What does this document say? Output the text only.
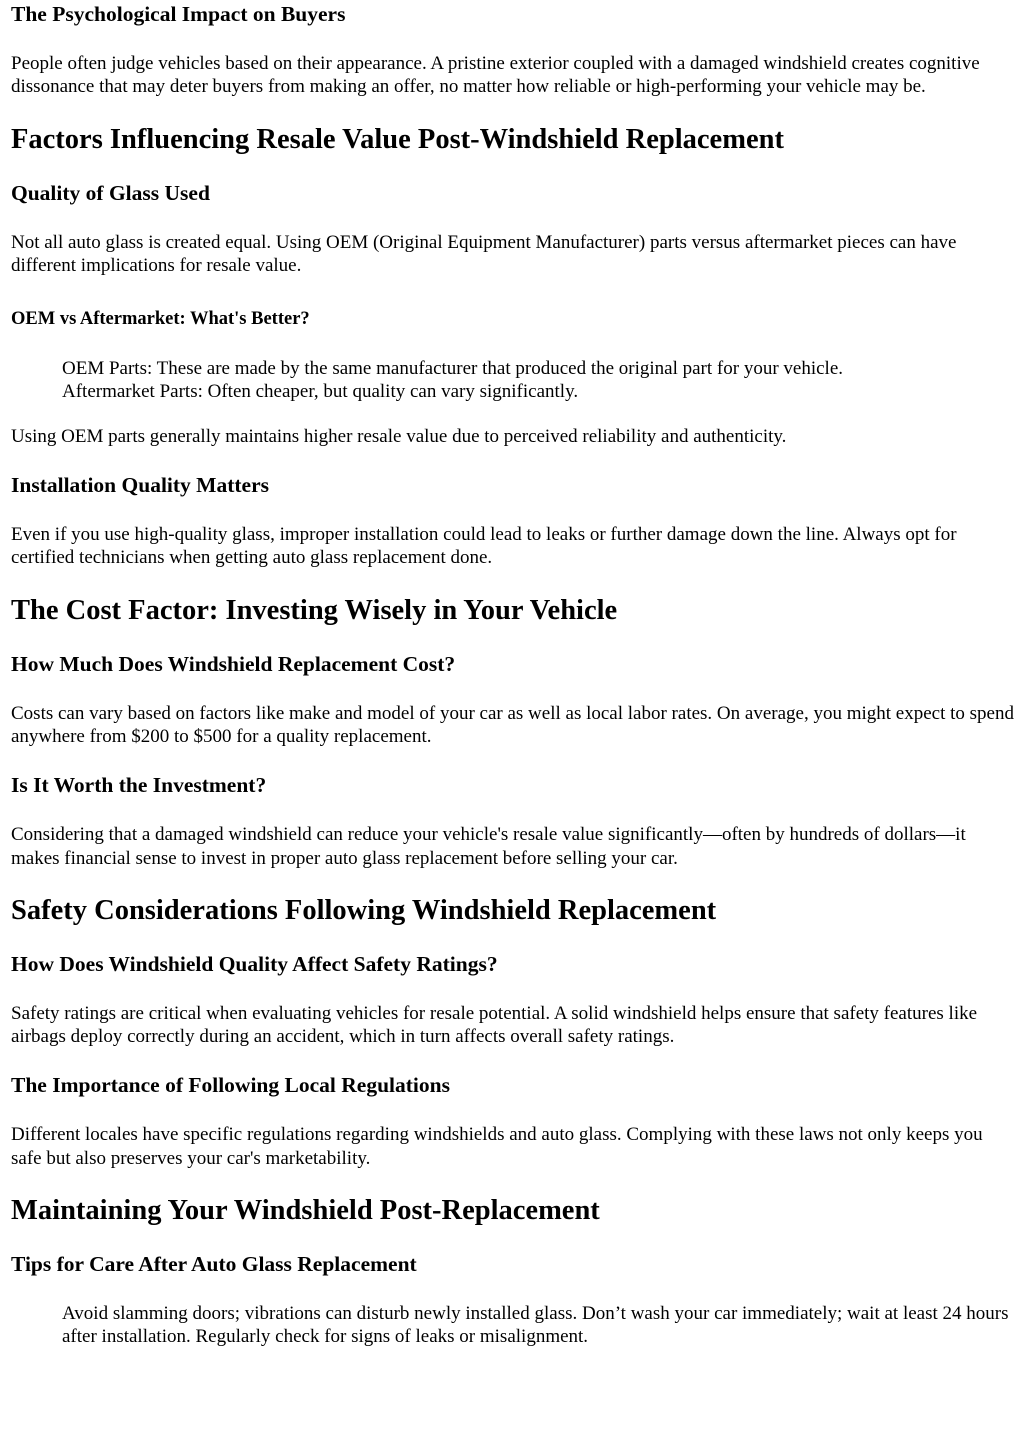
The Psychological Impact on Buyers

People often judge vehicles based on their appearance. A pristine exterior coupled with a damaged windshield creates cognitive dissonance that may deter buyers from making an offer, no matter how reliable or high-performing your vehicle may be.

Factors Influencing Resale Value Post-Windshield Replacement
Quality of Glass Used

Not all auto glass is created equal. Using OEM (Original Equipment Manufacturer) parts versus aftermarket pieces can have different implications for resale value.

OEM vs Aftermarket: What's Better?
OEM Parts: These are made by the same manufacturer that produced the original part for your vehicle.
Aftermarket Parts: Often cheaper, but quality can vary significantly.

Using OEM parts generally maintains higher resale value due to perceived reliability and authenticity.

Installation Quality Matters

Even if you use high-quality glass, improper installation could lead to leaks or further damage down the line. Always opt for certified technicians when getting auto glass replacement done.

The Cost Factor: Investing Wisely in Your Vehicle
How Much Does Windshield Replacement Cost?

Costs can vary based on factors like make and model of your car as well as local labor rates. On average, you might expect to spend anywhere from $200 to $500 for a quality replacement.

Is It Worth the Investment?

Considering that a damaged windshield can reduce your vehicle's resale value significantly—often by hundreds of dollars—it makes financial sense to invest in proper auto glass replacement before selling your car.

Safety Considerations Following Windshield Replacement
How Does Windshield Quality Affect Safety Ratings?

Safety ratings are critical when evaluating vehicles for resale potential. A solid windshield helps ensure that safety features like airbags deploy correctly during an accident, which in turn affects overall safety ratings.

The Importance of Following Local Regulations

Different locales have specific regulations regarding windshields and auto glass. Complying with these laws not only keeps you safe but also preserves your car's marketability.

Maintaining Your Windshield Post-Replacement
Tips for Care After Auto Glass Replacement
Avoid slamming doors; vibrations can disturb newly installed glass. Don’t wash your car immediately; wait at least 24 hours after installation. Regularly check for signs of leaks or misalignment.
